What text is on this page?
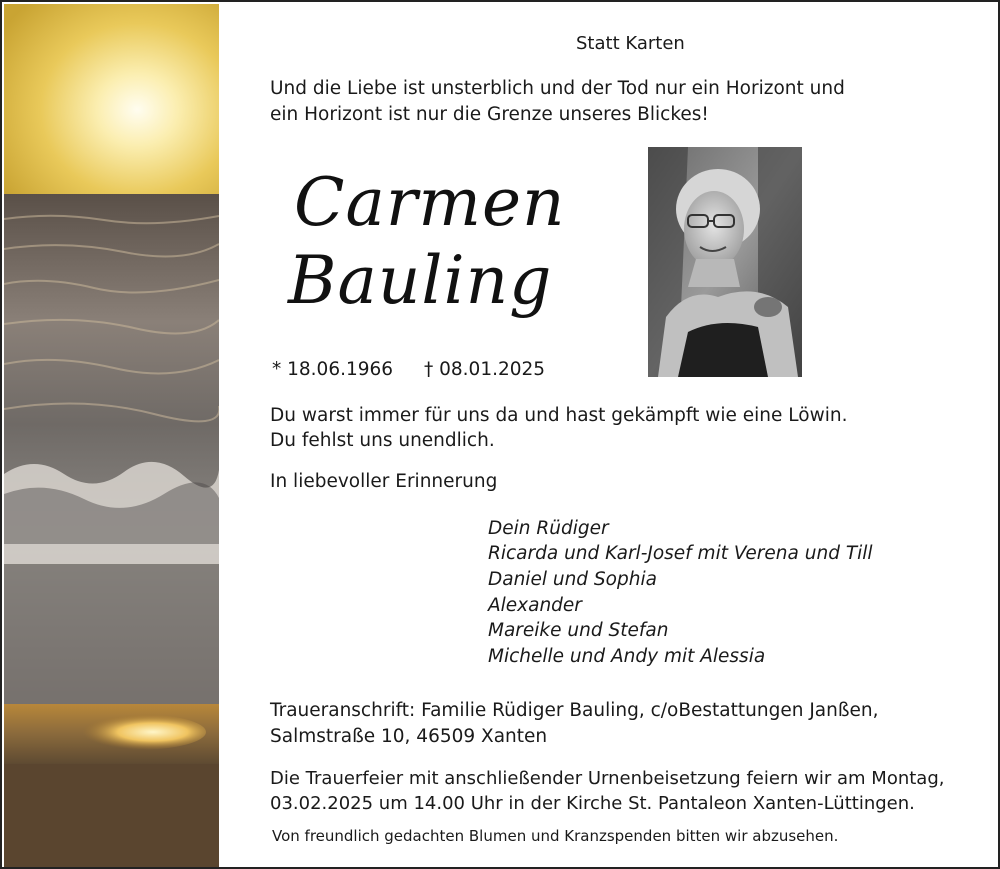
Statt Karten
Und die Liebe ist unsterblich und der Tod nur ein Horizont und
ein Horizont ist nur die Grenze unseres Blickes!
Carmen
Bauling
* 18.06.1966 † 08.01.2025
Du warst immer für uns da und hast gekämpft wie eine Löwin.
Du fehlst uns unendlich.
In liebevoller Erinnerung
Dein Rüdiger
Ricarda und Karl-Josef mit Verena und Till
Daniel und Sophia
Alexander
Mareike und Stefan
Michelle und Andy mit Alessia
Traueranschrift: Familie Rüdiger Bauling, c/oBestattungen Janßen,
Salmstraße 10, 46509 Xanten
Die Trauerfeier mit anschließender Urnenbeisetzung feiern wir am Montag,
03.02.2025 um 14.00 Uhr in der Kirche St. Pantaleon Xanten-Lüttingen.
Von freundlich gedachten Blumen und Kranzspenden bitten wir abzusehen.
